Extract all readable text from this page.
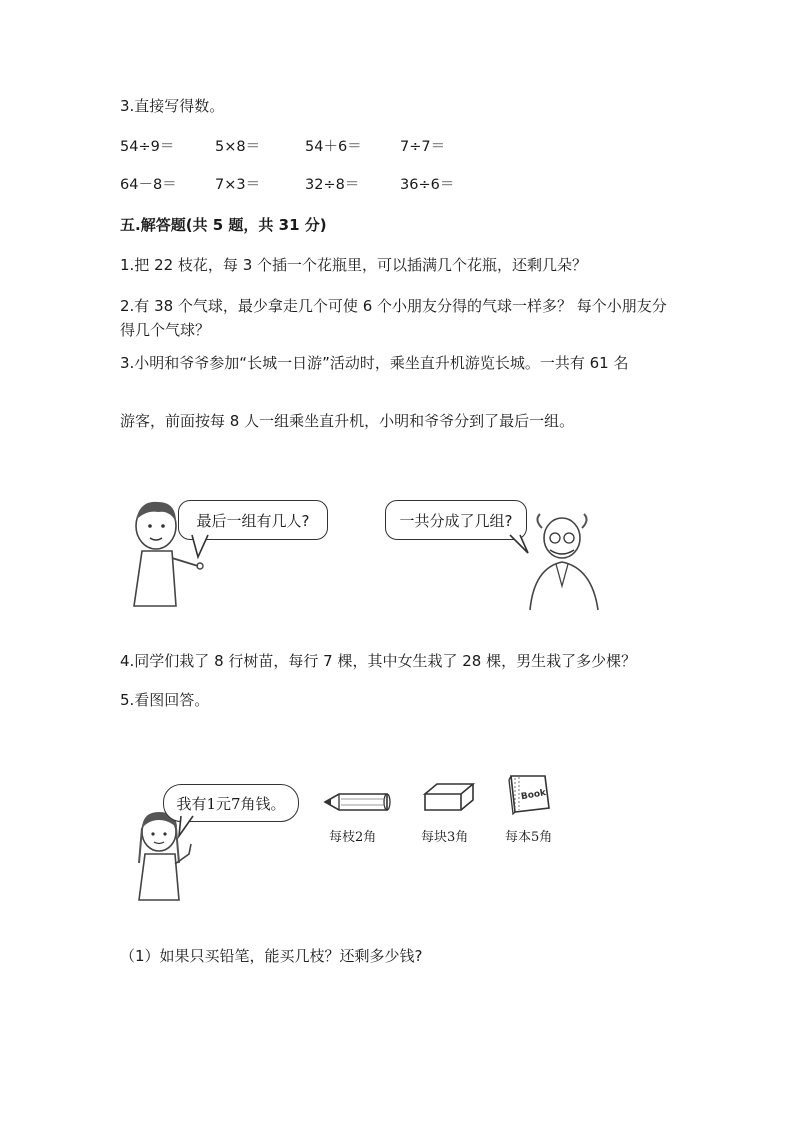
3.直接写得数。
54÷9＝	5×8＝	54＋6＝	7÷7＝
64－8＝	7×3＝	32÷8＝	36÷6＝
五.解答题(共 5 题，共 31 分)
1.把 22 枝花，每 3 个插一个花瓶里，可以插满几个花瓶，还剩几朵？
2.有 38 个气球，最少拿走几个可使 6 个小朋友分得的气球一样多？ 每个小朋友分得几个气球？
3.小明和爷爷参加“长城一日游”活动时，乘坐直升机游览长城。一共有 61 名
游客，前面按每 8 人一组乘坐直升机，小明和爷爷分到了最后一组。
最后一组有几人?	一共分成了几组?
4.同学们栽了 8 行树苗，每行 7 棵，其中女生栽了 28 棵，男生栽了多少棵？
5.看图回答。
我有1元7角钱。
每枝2角	每块3角
Book
每本5角
（1）如果只买铅笔，能买几枝？还剩多少钱?
